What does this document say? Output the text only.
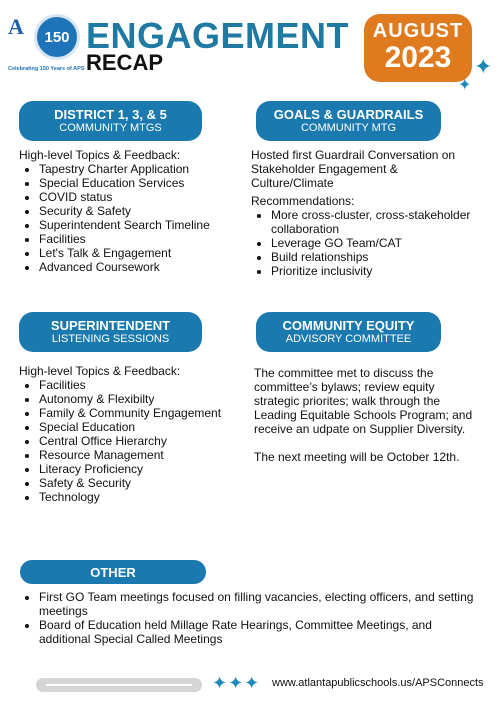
A 150
Celebrating 150 Years of APS
ENGAGEMENT
RECAP
AUGUST
2023	✦
✦
DISTRICT 1, 3, & 5
COMMUNITY MTGS
High-level Topics & Feedback:
• Tapestry Charter Application
• Special Education Services
• COVID status
• Security & Safety
• Superintendent Search Timeline
• Facilities
• Let's Talk & Engagement
• Advanced Coursework
GOALS & GUARDRAILS
COMMUNITY MTG
Hosted first Guardrail Conversation on Stakeholder Engagement & Culture/Climate
Recommendations:
• More cross-cluster, cross-stakeholder collaboration
• Leverage GO Team/CAT
• Build relationships
• Prioritize inclusivity
SUPERINTENDENT
LISTENING SESSIONS
High-level Topics & Feedback:
• Facilities
• Autonomy & Flexibilty
• Family & Community Engagement
• Special Education
• Central Office Hierarchy
• Resource Management
• Literacy Proficiency
• Safety & Security
• Technology
COMMUNITY EQUITY
ADVISORY COMMITTEE
The committee met to discuss the committee’s bylaws; review equity strategic priorites; walk through the Leading Equitable Schools Program; and receive an udpate on Supplier Diversity.
The next meeting will be October 12th.
OTHER
• First GO Team meetings focused on filling vacancies, electing officers, and setting meetings
• Board of Education held Millage Rate Hearings, Committee Meetings, and additional Special Called Meetings
✦✦✦ www.atlantapublicschools.us/APSConnects
